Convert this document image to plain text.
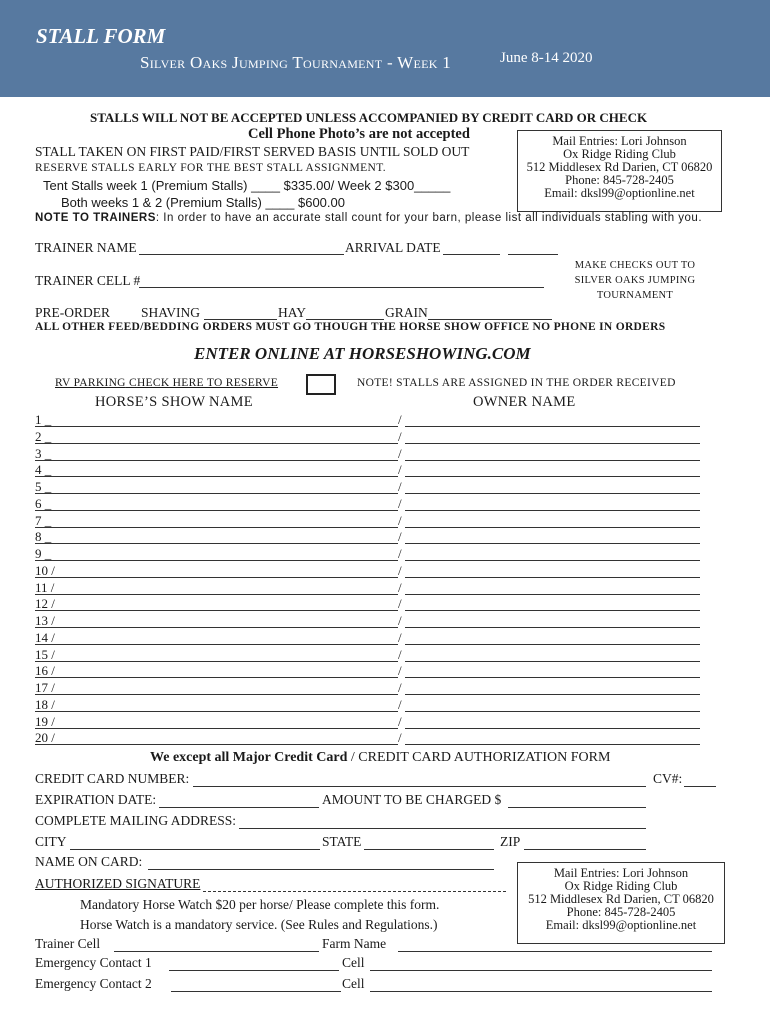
STALL FORM
Silver Oaks Jumping Tournament - Week 1	June 8-14 2020
STALLS WILL NOT BE ACCEPTED UNLESS ACCOMPANIED BY CREDIT CARD OR CHECK
Cell Phone Photo’s are not accepted
STALL TAKEN ON FIRST PAID/FIRST SERVED BASIS UNTIL SOLD OUT
RESERVE STALLS EARLY FOR THE BEST STALL ASSIGNMENT.
Tent Stalls week 1 (Premium Stalls) ____ $335.00/ Week 2 $300_____
Both weeks 1 & 2 (Premium Stalls) ____ $600.00
NOTE TO TRAINERS: In order to have an accurate stall count for your barn, please list all individuals stabling with you.
Mail Entries: Lori Johnson
Ox Ridge Riding Club
512 Middlesex Rd Darien, CT 06820
Phone: 845-728-2405
Email: dksl99@optionline.net
TRAINER NAME	ARRIVAL DATE
TRAINER CELL #
MAKE CHECKS OUT TO
SILVER OAKS JUMPING
TOURNAMENT
PRE-ORDER SHAVING	HAY	GRAIN
ALL OTHER FEED/BEDDING ORDERS MUST GO THOUGH THE HORSE SHOW OFFICE NO PHONE IN ORDERS
ENTER ONLINE AT HORSESHOWING.COM
RV PARKING CHECK HERE TO RESERVE	NOTE! STALLS ARE ASSIGNED IN THE ORDER RECEIVED
HORSE’S SHOW NAME	OWNER NAME
1 _	/
2 _	/
3 _	/
4 _	/
5 _	/
6 _	/
7 _	/
8 _	/
9 _	/
10 /	/
11 /	/
12 /	/
13 /	/
14 /	/
15 /	/
16 /	/
17 /	/
18 /	/
19 /	/
20 /	/
We except all Major Credit Card / CREDIT CARD AUTHORIZATION FORM
CREDIT CARD NUMBER:	CV#:
EXPIRATION DATE:	AMOUNT TO BE CHARGED $
COMPLETE MAILING ADDRESS:
CITY	STATE	ZIP
NAME ON CARD:
AUTHORIZED SIGNATURE
Mail Entries: Lori Johnson
Ox Ridge Riding Club
512 Middlesex Rd Darien, CT 06820
Phone: 845-728-2405
Email: dksl99@optionline.net
Mandatory Horse Watch $20 per horse/ Please complete this form.
Horse Watch is a mandatory service. (See Rules and Regulations.)
Trainer Cell	Farm Name
Emergency Contact 1	Cell
Emergency Contact 2	Cell
